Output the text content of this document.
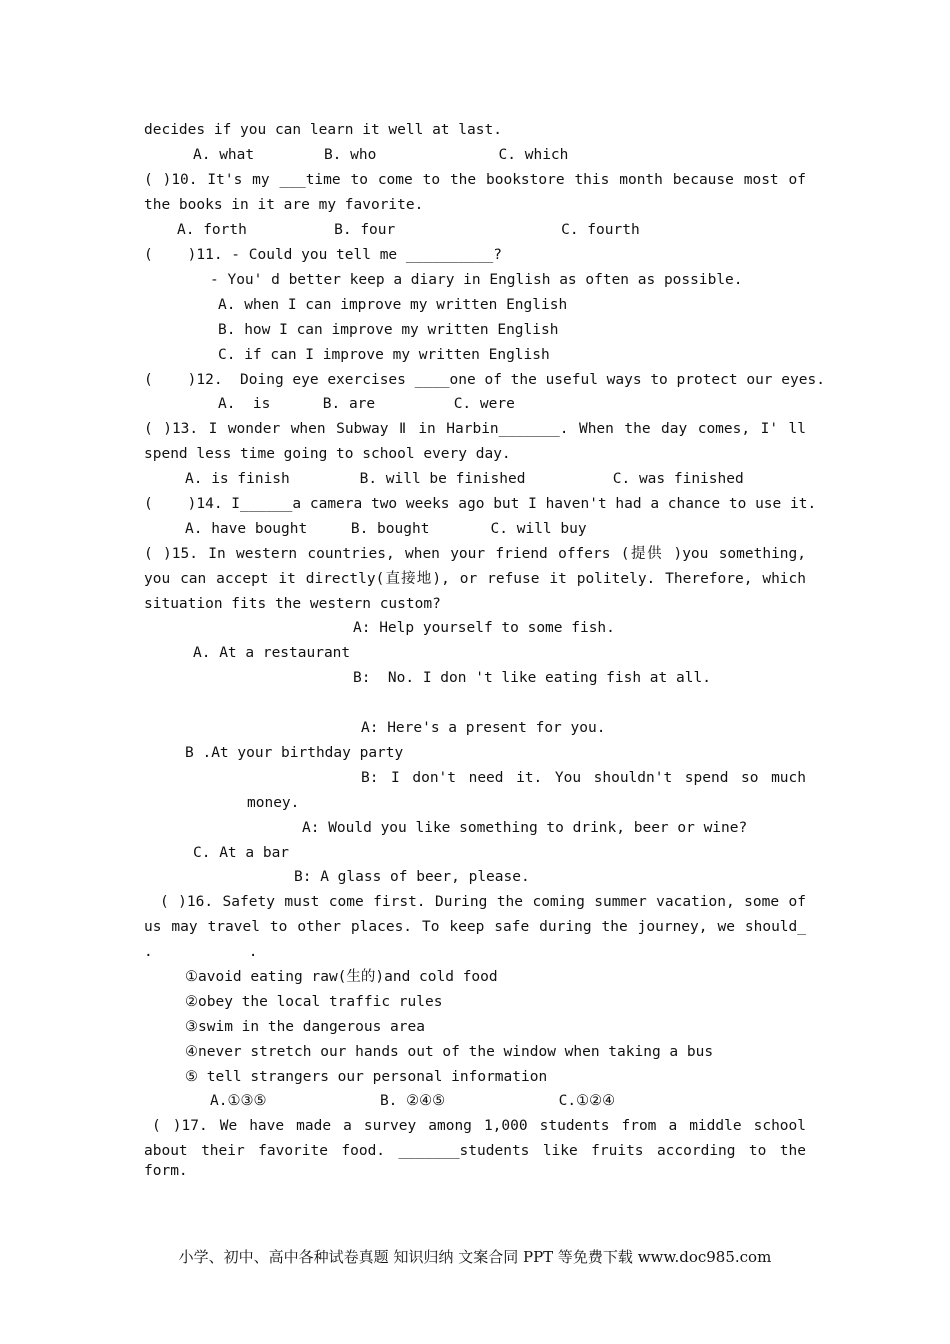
decides if you can learn it well at last.
A. what        B. who              C. which
( )10. It's my ___time to come to the bookstore this month because most of
the books in it are my favorite.
A. forth          B. four                   C. fourth
(    )11. - Could you tell me __________?
- You' d better keep a diary in English as often as possible.
A. when I can improve my written English
B. how I can improve my written English
C. if can I improve my written English
(    )12.  Doing eye exercises ____one of the useful ways to protect our eyes.
A.  is      B. are         C. were
( )13. I wonder when Subway Ⅱ in Harbin_______. When the day comes, I' ll
spend less time going to school every day.
A. is finish        B. will be finished          C. was finished
(    )14. I______a camera two weeks ago but I haven't had a chance to use it.
A. have bought     B. bought       C. will buy
( )15. In western countries, when your friend offers (提供 )you something,
you can accept it directly(直接地), or refuse it politely. Therefore, which
situation fits the western custom?
A: Help yourself to some fish.
A. At a restaurant
B:  No. I don 't like eating fish at all.
A: Here's a present for you.
B .At your birthday party
B: I don't need it. You shouldn't spend so much
money.
A: Would you like something to drink, beer or wine?
C. At a bar
B: A glass of beer, please.
( )16. Safety must come first. During the coming summer vacation, some of
us may travel to other places. To keep safe during the journey, we should_
.           .
①avoid eating raw(生的)and cold food
②obey the local traffic rules
③swim in the dangerous area
④never stretch our hands out of the window when taking a bus
⑤ tell strangers our personal information
A.①③⑤             B. ②④⑤             C.①②④
( )17. We have made a survey among 1,000 students from a middle school
about their favorite food. _______students like fruits according to the form.
小学、初中、高中各种试卷真题 知识归纳 文案合同 PPT 等免费下载 www.doc985.com
